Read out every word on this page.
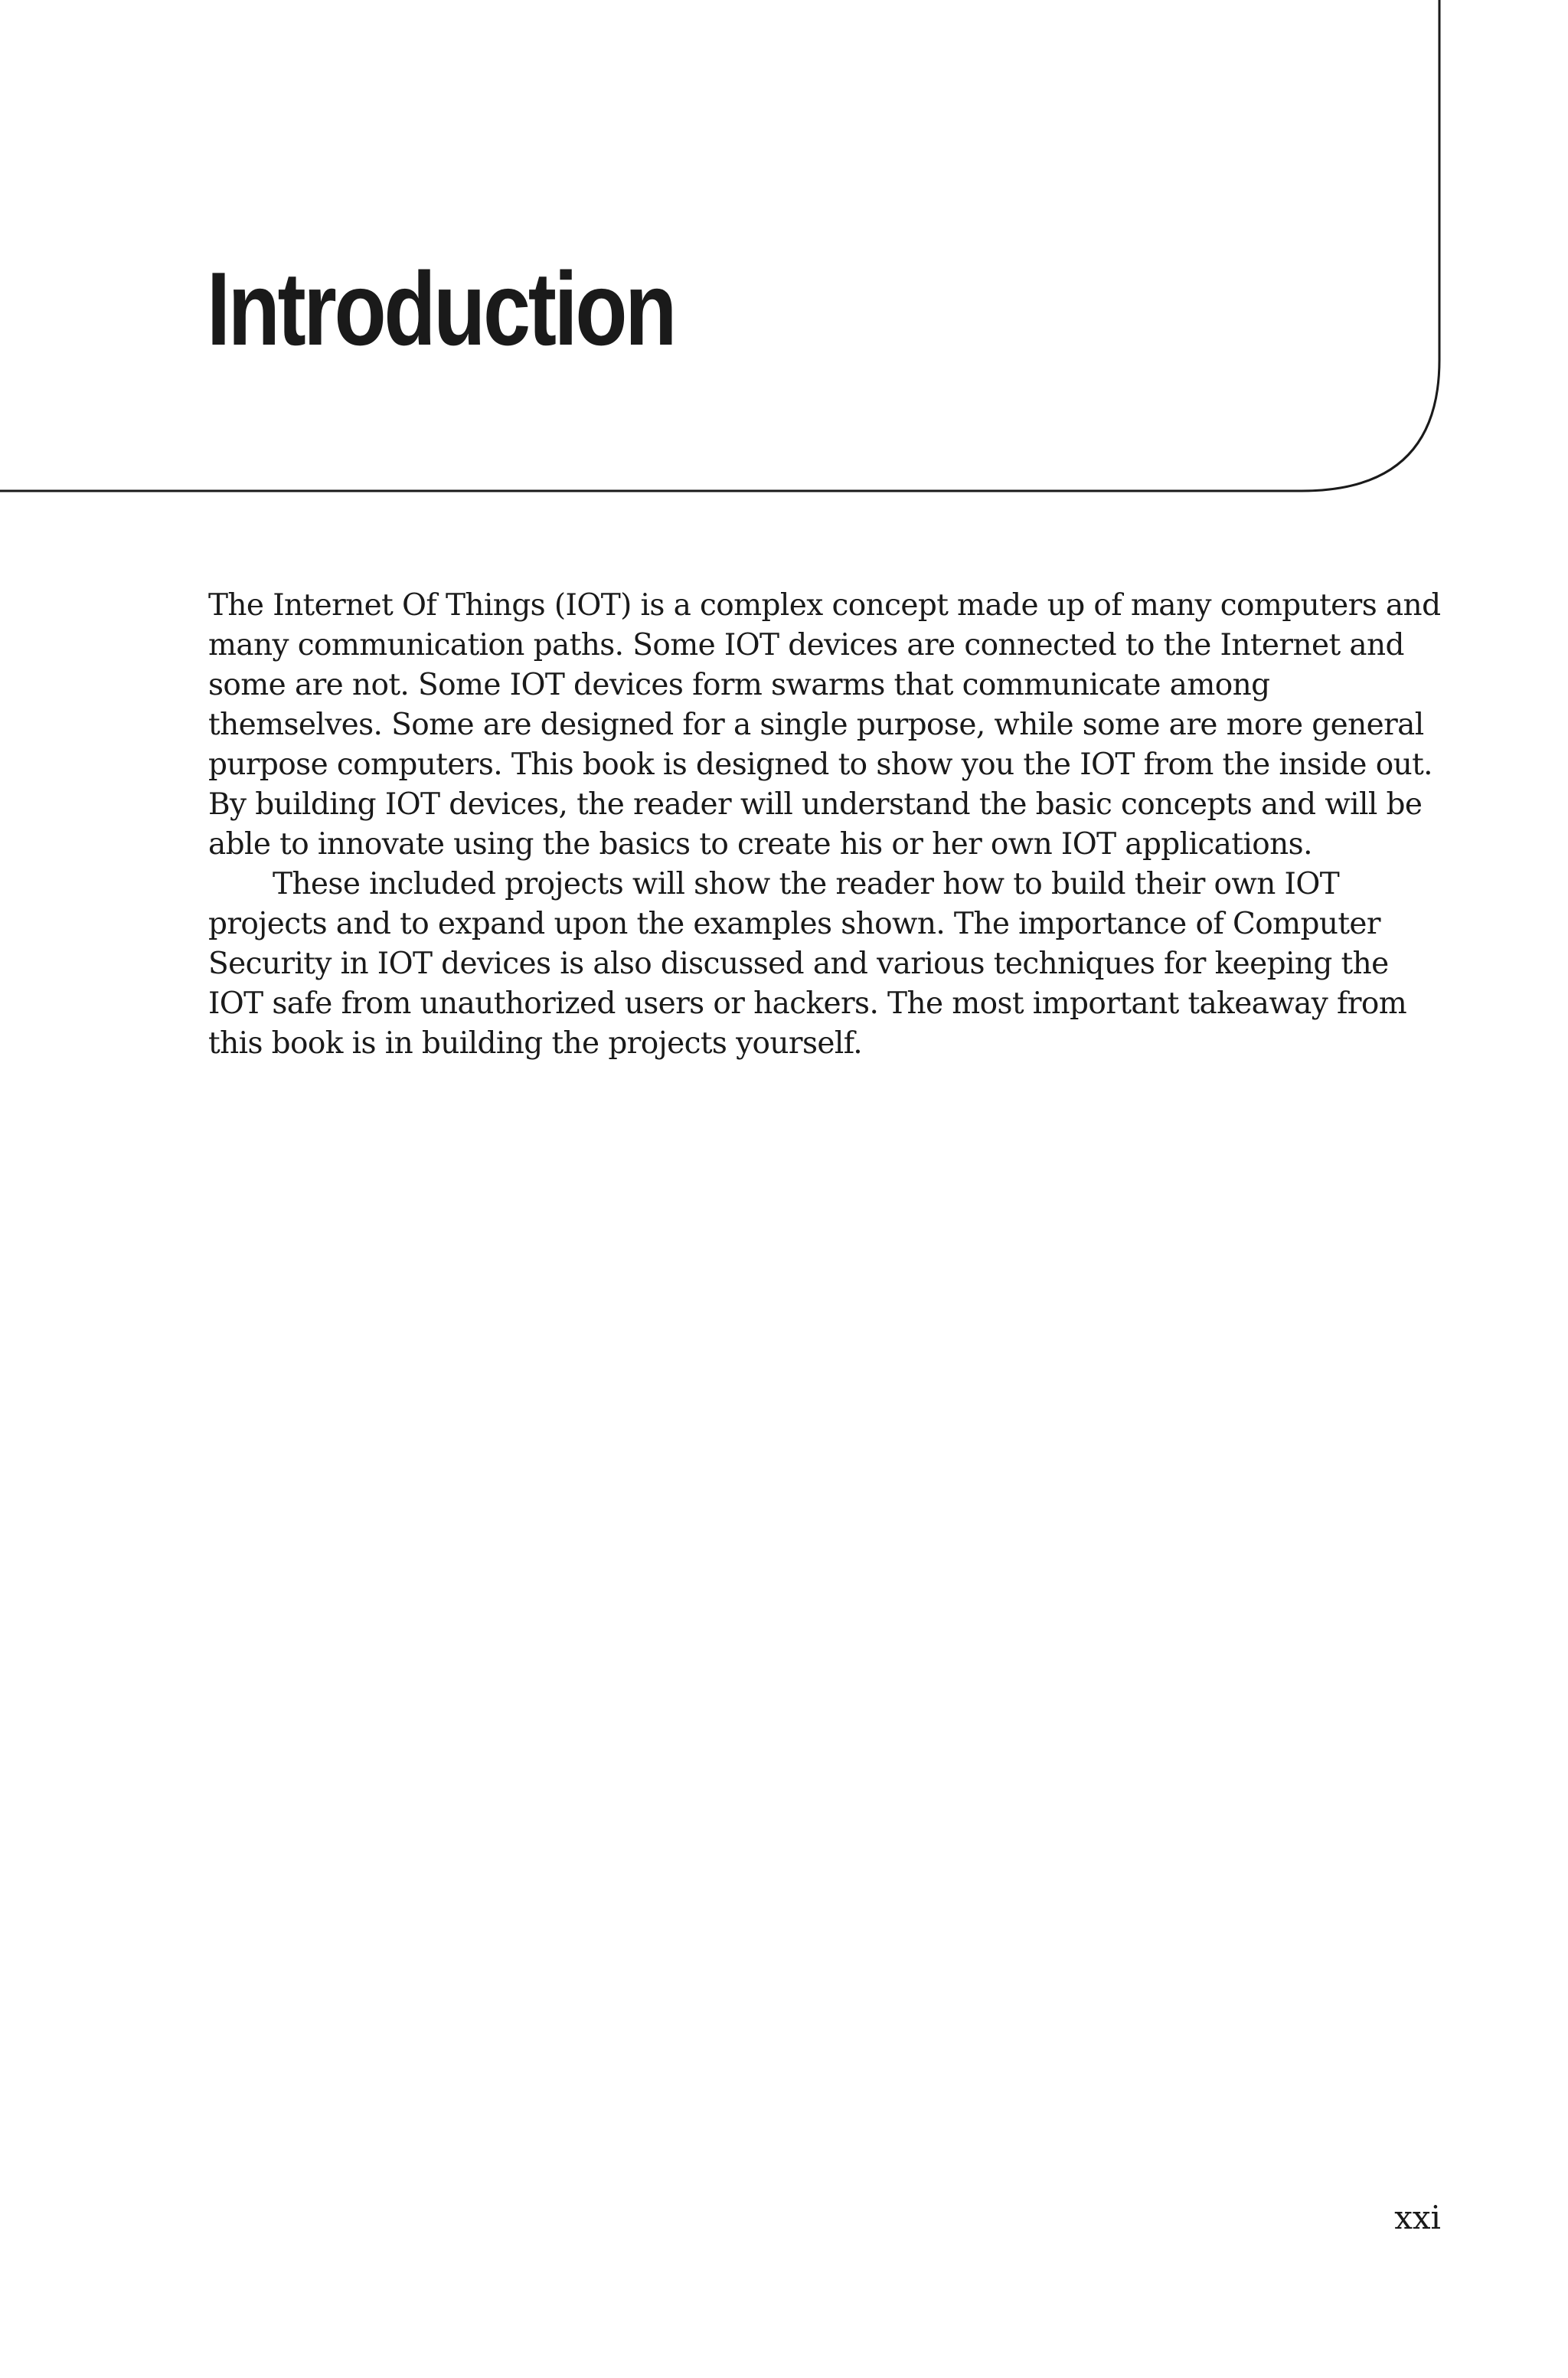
Introduction

The Internet Of Things (IOT) is a complex concept made up of many computers and many communication paths. Some IOT devices are connected to the Internet and some are not. Some IOT devices form swarms that communicate among themselves. Some are designed for a single purpose, while some are more general purpose computers. This book is designed to show you the IOT from the inside out. By building IOT devices, the reader will understand the basic concepts and will be able to innovate using the basics to create his or her own IOT applications.

These included projects will show the reader how to build their own IOT projects and to expand upon the examples shown. The importance of Computer Security in IOT devices is also discussed and various techniques for keeping the IOT safe from unauthorized users or hackers. The most important takeaway from this book is in building the projects yourself.

xxi
